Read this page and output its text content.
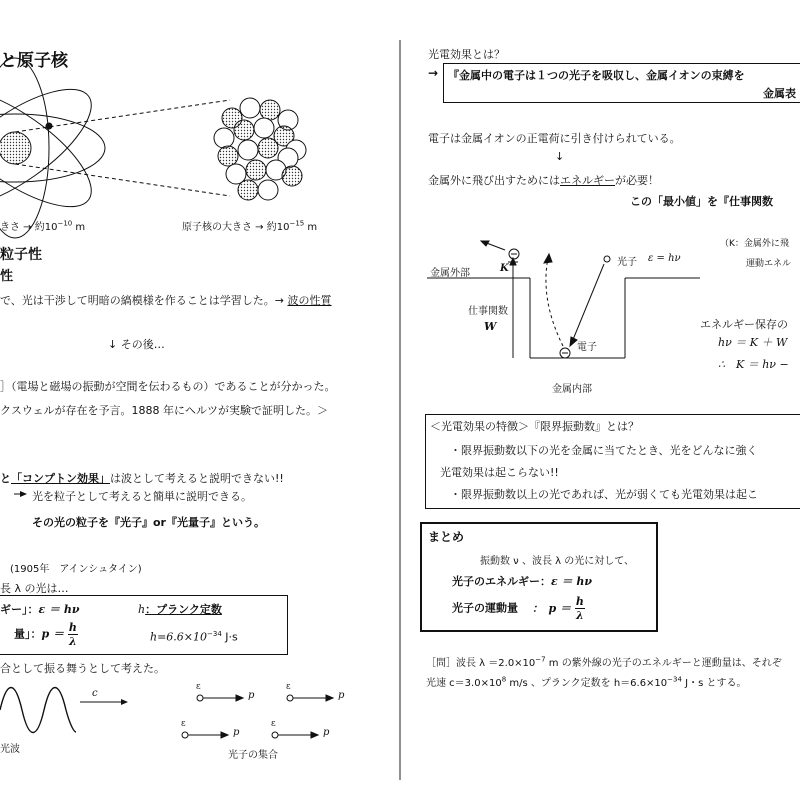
と原子核
きさ → 約$10^{-10}$ m	原子核の大きさ → 約$10^{-15}$ m
粒子性
性
で、光は干渉して明暗の縞模様を作ることは学習した。→ 波の性質
↓ その後…
］（電場と磁場の振動が空間を伝わるもの）であることが分かった。
クスウェルが存在を予言。1888 年にヘルツが実験で証明した。＞
と「コンプトン効果」は波として考えると説明できない!!
光を粒子として考えると簡単に説明できる。
その光の粒子を『光子』or『光量子』という。
(1905年　アインシュタイン)
長 λ の光は…
ギー」：ε ＝ hν	h：プランク定数
量」：$p = \frac{h}{\lambda}$	$h=6.6\times 10^{-34}$ J·s
合として振る舞うとして考えた。
c
光波
ε
p
ε
p
ε
p
ε
p
光子の集合
光電効果とは？
→ 『金属中の電子は１つの光子を吸収し、金属イオンの束縛を
金属表
電子は金属イオンの正電荷に引き付けられている。
↓
金属外に飛び出すためにはエネルギーが必要！
この「最小値」を『仕事関数
（K：金属外に飛
運動エネル
金属外部	K
仕事関数
W
光子 ε = hν
電子
金属内部
エネルギー保存の
hν ＝ K ＋ W
∴　K ＝ hν −
＜光電効果の特徴＞『限界振動数』とは？
・限界振動数以下の光を金属に当てたとき、光をどんなに強く
光電効果は起こらない!!
・限界振動数以上の光であれば、光が弱くても光電効果は起こ
まとめ
振動数 ν 、波長 λ の光に対して、
光子のエネルギー：ε ＝ hν
光子の運動量 ：　$p = \frac{h}{\lambda}$
［問］波長 $\lambda =2.0\times 10^{-7}$ m の紫外線の光子のエネルギーと運動量は、それぞ
光速 $c=3.0\times 10^8$ m/s 、プランク定数を $h=6.6\times 10^{-34}$ J・s とする。
